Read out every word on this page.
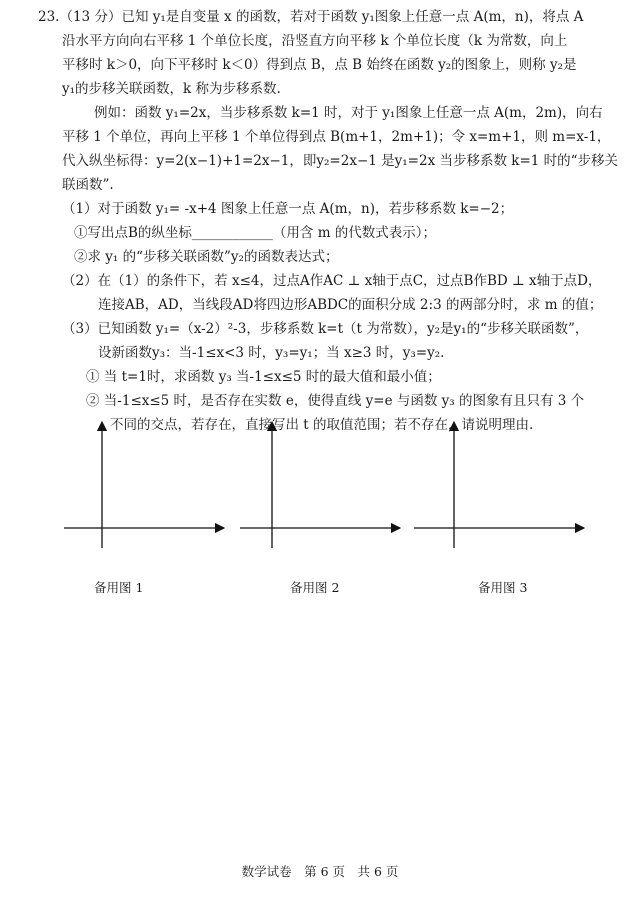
23.（13 分）已知 y₁是自变量 x 的函数，若对于函数 y₁图象上任意一点 A(m，n)，将点 A
沿水平方向向右平移 1 个单位长度，沿竖直方向平移 k 个单位长度（k 为常数，向上
平移时 k＞0，向下平移时 k＜0）得到点 B，点 B 始终在函数 y₂的图象上，则称 y₂是
y₁的步移关联函数，k 称为步移系数.
例如：函数 y₁=2x，当步移系数 k=1 时，对于 y₁图象上任意一点 A(m，2m)，向右
平移 1 个单位，再向上平移 1 个单位得到点 B(m+1，2m+1)；令 x=m+1，则 m=x-1，
代入纵坐标得：y=2(x−1)+1=2x−1，即y₂=2x−1 是y₁=2x 当步移系数 k=1 时的“步移关
联函数”.
（1）对于函数 y₁= -x+4 图象上任意一点 A(m，n)，若步移系数 k=−2；
①写出点B的纵坐标____________（用含 m 的代数式表示）；
②求 y₁ 的“步移关联函数”y₂的函数表达式；
（2）在（1）的条件下，若 x≤4，过点A作AC ⊥ x轴于点C，过点B作BD ⊥ x轴于点D，
连接AB，AD，当线段AD将四边形ABDC的面积分成 2:3 的两部分时，求 m 的值；
（3）已知函数 y₁=（x-2）²-3，步移系数 k=t（t 为常数），y₂是y₁的“步移关联函数”，
设新函数y₃：当-1≤x<3 时，y₃=y₁；当 x≥3 时，y₃=y₂.
① 当 t=1时，求函数 y₃ 当-1≤x≤5 时的最大值和最小值；
② 当-1≤x≤5 时，是否存在实数 e，使得直线 y=e 与函数 y₃ 的图象有且只有 3 个
不同的交点，若存在，直接写出 t 的取值范围；若不存在，请说明理由.
备用图 1	备用图 2	备用图 3
数学试卷　第 6 页　共 6 页
